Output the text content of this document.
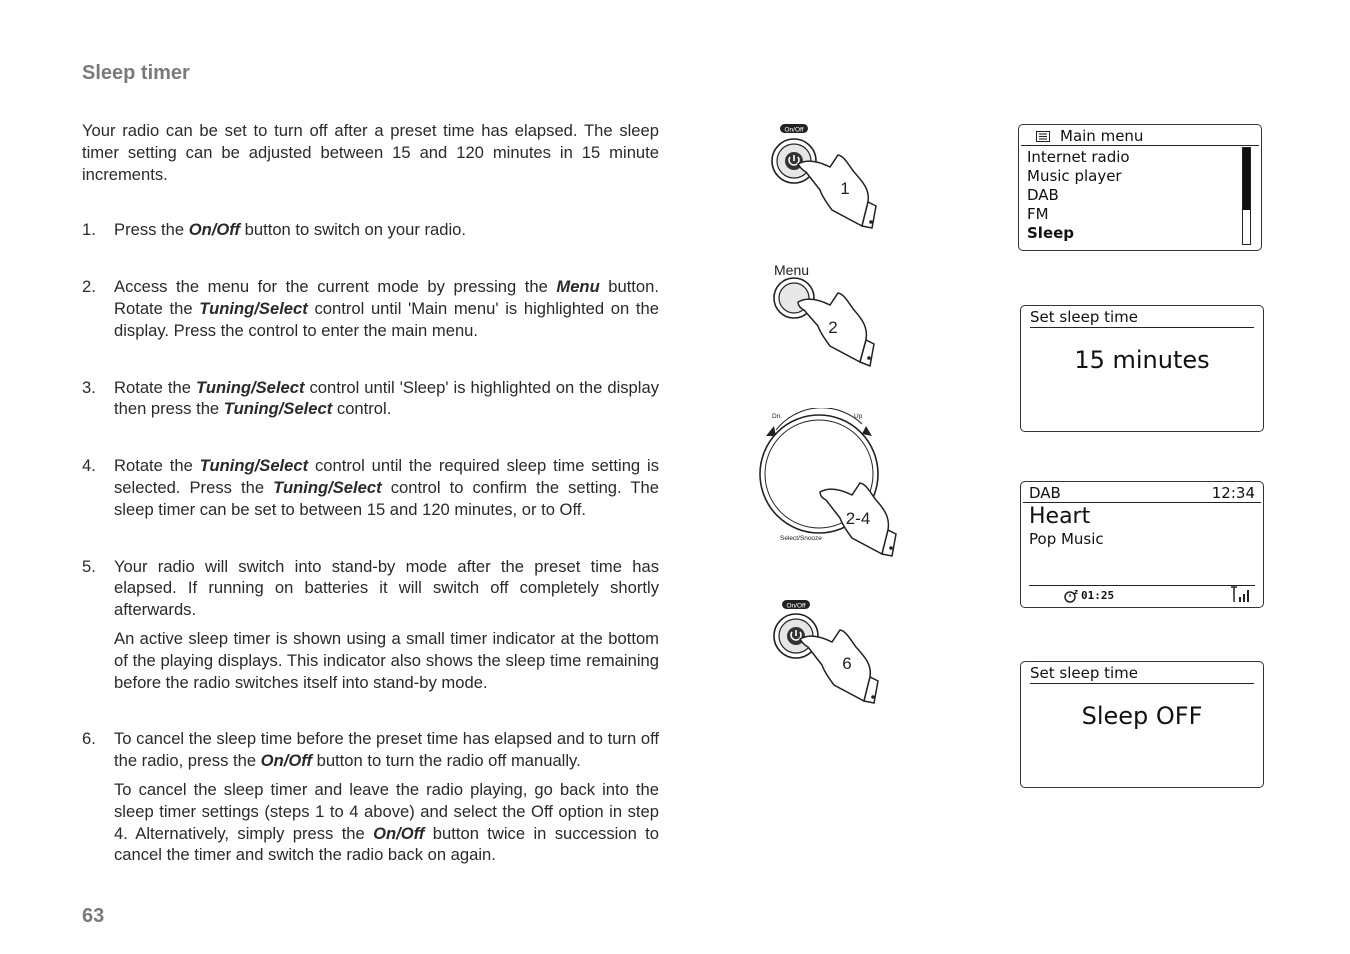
Sleep timer

Your radio can be set to turn off after a preset time has elapsed. The sleep timer setting can be adjusted between 15 and 120 minutes in 15 minute increments.

1. Press the On/Off button to switch on your radio.

2. Access the menu for the current mode by pressing the Menu button. Rotate the Tuning/Select control until 'Main menu' is highlighted on the display. Press the control to enter the main menu.

3. Rotate the Tuning/Select control until 'Sleep' is highlighted on the display then press the Tuning/Select control.

4. Rotate the Tuning/Select control until the required sleep time setting is selected. Press the Tuning/Select control to confirm the setting. The sleep timer can be set to between 15 and 120 minutes, or to Off.

5. Your radio will switch into stand-by mode after the preset time has elapsed. If running on batteries it will switch off completely shortly afterwards.

An active sleep timer is shown using a small timer indicator at the bottom of the playing displays. This indicator also shows the sleep time remaining before the radio switches itself into stand-by mode.

6. To cancel the sleep time before the preset time has elapsed and to turn off the radio, press the On/Off button to turn the radio off manually.

To cancel the sleep timer and leave the radio playing, go back into the sleep timer settings (steps 1 to 4 above) and select the Off option in step 4. Alternatively, simply press the On/Off button twice in succession to cancel the timer and switch the radio back on again.

63
On/Off
1
Menu
2
Dn.	Up
Select/Snooze
2-4
On/Off
6
Main menu
Internet radio
Music player
DAB
FM
Sleep
Set sleep time
15 minutes
DAB	12:34
Heart
Pop Music
z 01:25
Set sleep time
Sleep OFF
